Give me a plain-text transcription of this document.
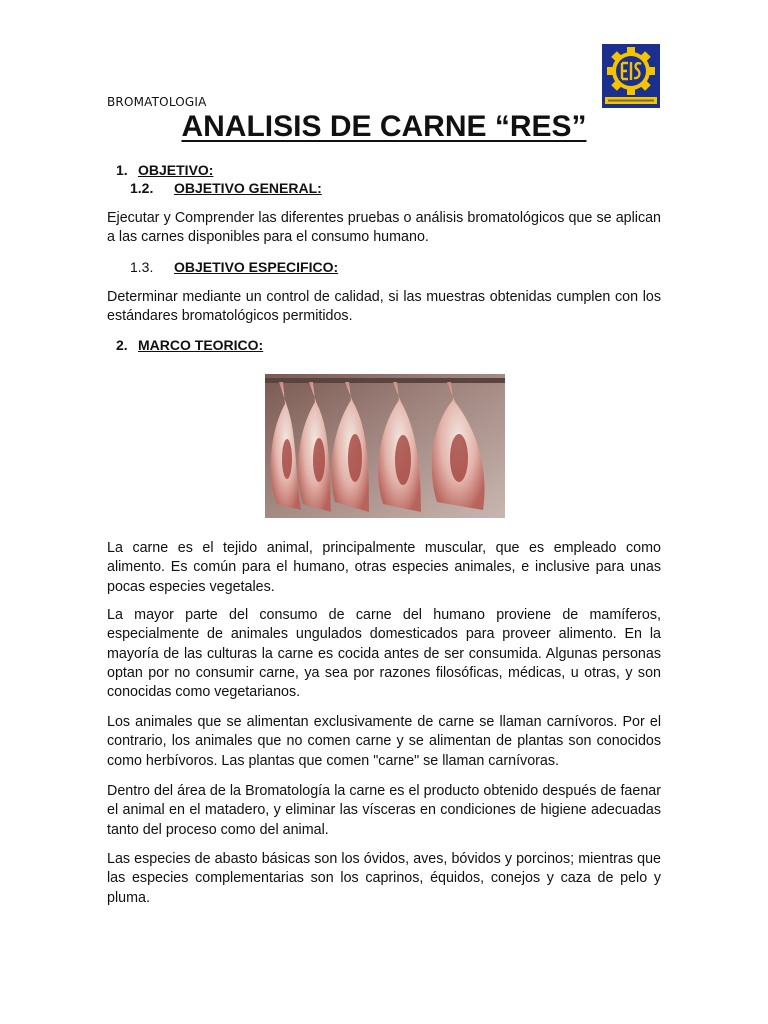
BROMATOLOGIA
ANALISIS DE CARNE “RES”
1. OBJETIVO:
1.2. OBJETIVO GENERAL:
Ejecutar y Comprender las diferentes pruebas o análisis bromatológicos que se aplican a las carnes disponibles para el consumo humano.
1.3. OBJETIVO ESPECIFICO:
Determinar mediante un control de calidad, si las muestras obtenidas cumplen con los estándares bromatológicos permitidos.
2. MARCO TEORICO:
La carne es el tejido animal, principalmente muscular, que es empleado como alimento. Es común para el humano, otras especies animales, e inclusive para unas pocas especies vegetales.
La mayor parte del consumo de carne del humano proviene de mamíferos, especialmente de animales ungulados domesticados para proveer alimento. En la mayoría de las culturas la carne es cocida antes de ser consumida. Algunas personas optan por no consumir carne, ya sea por razones filosóficas, médicas, u otras, y son conocidas como vegetarianos.
Los animales que se alimentan exclusivamente de carne se llaman carnívoros. Por el contrario, los animales que no comen carne y se alimentan de plantas son conocidos como herbívoros. Las plantas que comen "carne" se llaman carnívoras.
Dentro del área de la Bromatología la carne es el producto obtenido después de faenar el animal en el matadero, y eliminar las vísceras en condiciones de higiene adecuadas tanto del proceso como del animal.
Las especies de abasto básicas son los óvidos, aves, bóvidos y porcinos; mientras que las especies complementarias son los caprinos, équidos, conejos y caza de pelo y pluma.
